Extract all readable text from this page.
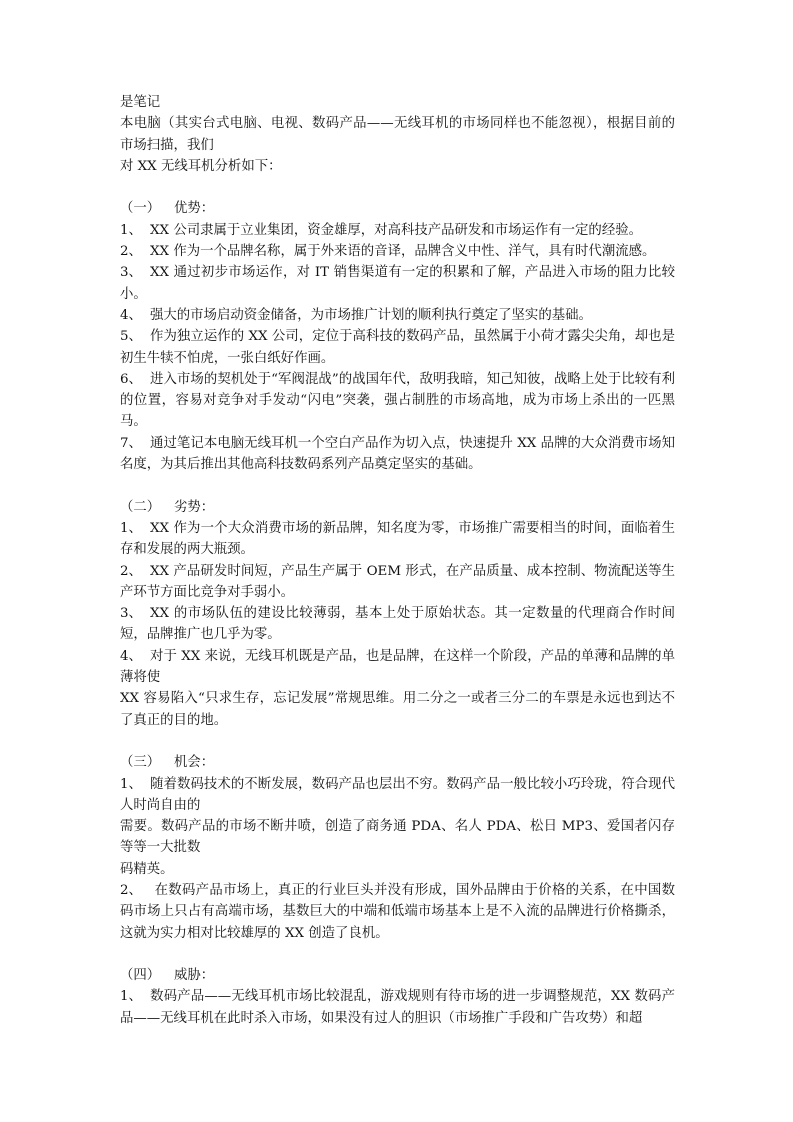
是笔记

本电脑（其实台式电脑、电视、数码产品——无线耳机的市场同样也不能忽视），根据目前的市场扫描，我们

对 XX 无线耳机分析如下：

（一） 优势：

1、 XX 公司隶属于立业集团，资金雄厚，对高科技产品研发和市场运作有一定的经验。

2、 XX 作为一个品牌名称，属于外来语的音译，品牌含义中性、洋气，具有时代潮流感。

3、 XX 通过初步市场运作，对 IT 销售渠道有一定的积累和了解，产品进入市场的阻力比较小。

4、 强大的市场启动资金储备，为市场推广计划的顺利执行奠定了坚实的基础。

5、 作为独立运作的 XX 公司，定位于高科技的数码产品，虽然属于小荷才露尖尖角，却也是初生牛犊不怕虎，一张白纸好作画。

6、 进入市场的契机处于“军阀混战”的战国年代，敌明我暗，知己知彼，战略上处于比较有利的位置，容易对竞争对手发动“闪电”突袭，强占制胜的市场高地，成为市场上杀出的一匹黑马。

7、 通过笔记本电脑无线耳机一个空白产品作为切入点，快速提升 XX 品牌的大众消费市场知名度，为其后推出其他高科技数码系列产品奠定坚实的基础。

（二） 劣势：

1、 XX 作为一个大众消费市场的新品牌，知名度为零，市场推广需要相当的时间，面临着生存和发展的两大瓶颈。

2、 XX 产品研发时间短，产品生产属于 OEM 形式，在产品质量、成本控制、物流配送等生产环节方面比竞争对手弱小。

3、 XX 的市场队伍的建设比较薄弱，基本上处于原始状态。其一定数量的代理商合作时间短，品牌推广也几乎为零。

4、 对于 XX 来说，无线耳机既是产品，也是品牌，在这样一个阶段，产品的单薄和品牌的单薄将使

XX 容易陷入“只求生存，忘记发展”常规思维。用二分之一或者三分二的车票是永远也到达不了真正的目的地。

（三） 机会：

1、 随着数码技术的不断发展，数码产品也层出不穷。数码产品一般比较小巧玲珑，符合现代人时尚自由的

需要。数码产品的市场不断井喷，创造了商务通 PDA、名人 PDA、松日 MP3、爱国者闪存等等一大批数

码精英。

2、 在数码产品市场上，真正的行业巨头并没有形成，国外品牌由于价格的关系，在中国数码市场上只占有高端市场，基数巨大的中端和低端市场基本上是不入流的品牌进行价格撕杀，这就为实力相对比较雄厚的 XX 创造了良机。

（四） 威胁：

1、 数码产品——无线耳机市场比较混乱，游戏规则有待市场的进一步调整规范，XX 数码产品——无线耳机在此时杀入市场，如果没有过人的胆识（市场推广手段和广告攻势）和超
